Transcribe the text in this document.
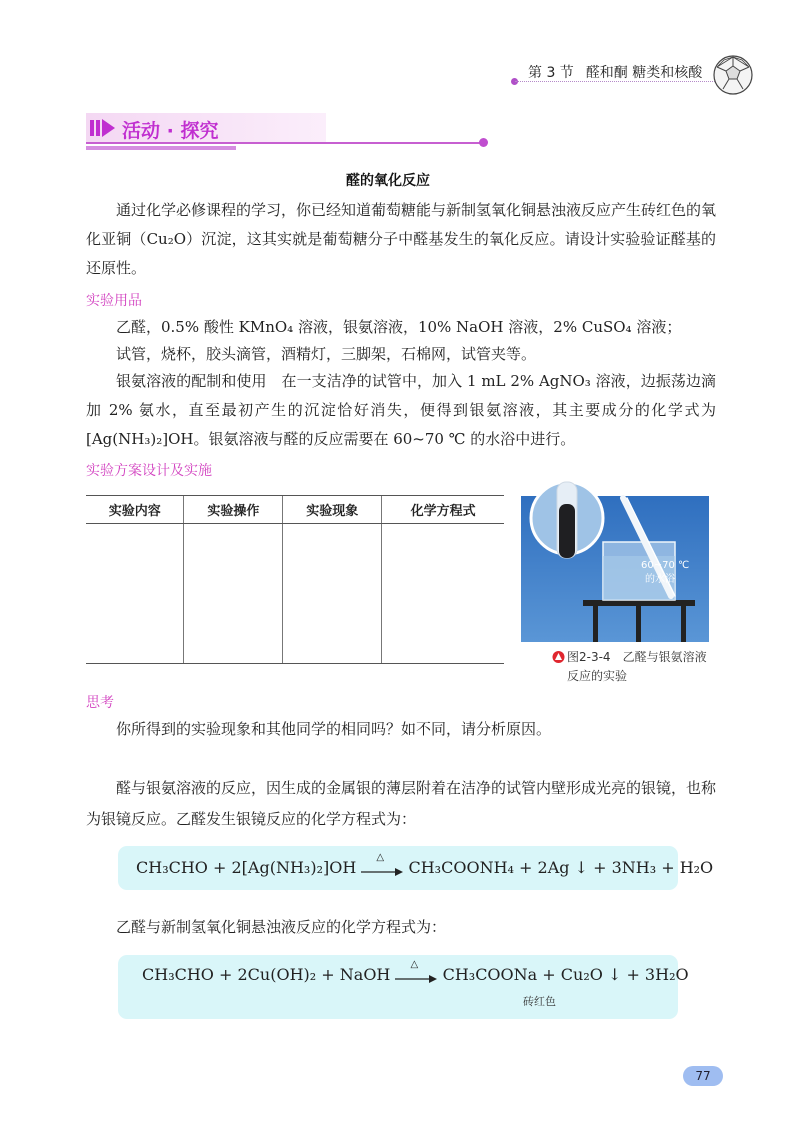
第 3 节 醛和酮 糖类和核酸
活动 · 探究
醛的氧化反应
通过化学必修课程的学习，你已经知道葡萄糖能与新制氢氧化铜悬浊液反应产生砖红色的氧化亚铜（Cu₂O）沉淀，这其实就是葡萄糖分子中醛基发生的氧化反应。请设计实验验证醛基的还原性。
实验用品
乙醛，0.5% 酸性 KMnO₄ 溶液，银氨溶液，10% NaOH 溶液，2% CuSO₄ 溶液；
试管，烧杯，胶头滴管，酒精灯，三脚架，石棉网，试管夹等。
银氨溶液的配制和使用　在一支洁净的试管中，加入 1 mL 2% AgNO₃ 溶液，边振荡边滴加 2% 氨水，直至最初产生的沉淀恰好消失，便得到银氨溶液，其主要成分的化学式为 [Ag(NH₃)₂]OH。银氨溶液与醛的反应需要在 60~70 ℃ 的水浴中进行。
实验方案设计及实施
实验内容	实验操作	实验现象	化学方程式

60~70 ℃
的水浴
图2-3-4　乙醛与银氨溶液
反应的实验
思考
你所得到的实验现象和其他同学的相同吗？如不同，请分析原因。
醛与银氨溶液的反应，因生成的金属银的薄层附着在洁净的试管内壁形成光亮的银镜，也称为银镜反应。乙醛发生银镜反应的化学方程式为：
CH₃CHO + 2[Ag(NH₃)₂]OH
△
CH₃COONH₄ + 2Ag ↓ + 3NH₃ + H₂O
乙醛与新制氢氧化铜悬浊液反应的化学方程式为：
CH₃CHO + 2Cu(OH)₂ + NaOH
△
CH₃COONa + Cu₂O ↓ + 3H₂O
砖红色
77
